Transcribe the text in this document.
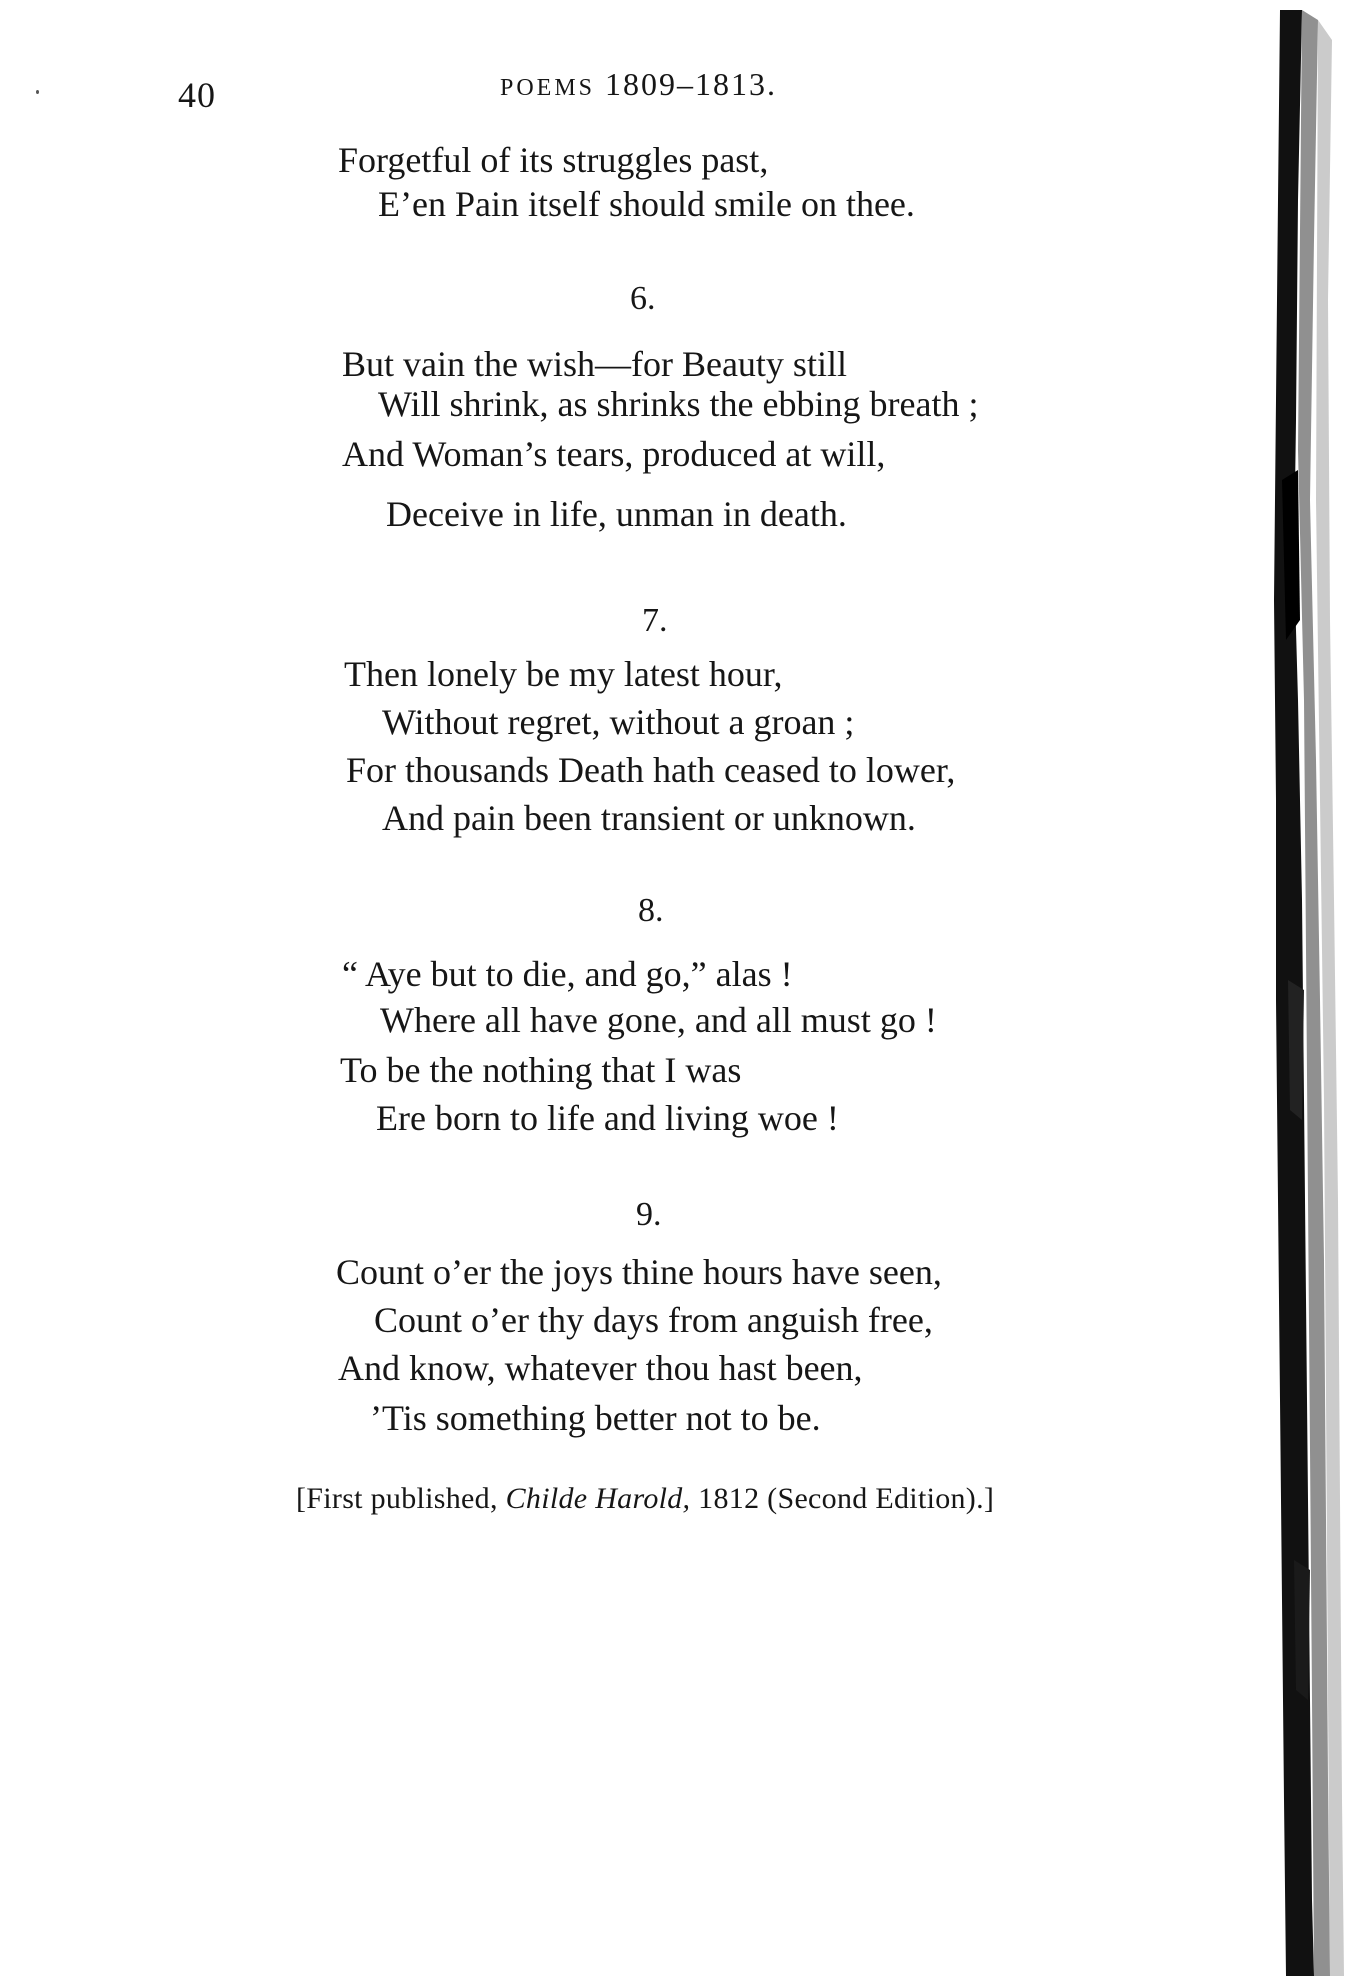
40	POEMS 1809–1813.
Forgetful of its struggles past,
E’en Pain itself should smile on thee.
6.
But vain the wish—for Beauty still
Will shrink, as shrinks the ebbing breath ;
And Woman’s tears, produced at will,
Deceive in life, unman in death.
7.
Then lonely be my latest hour,
Without regret, without a groan ;
For thousands Death hath ceased to lower,
And pain been transient or unknown.
8.
“ Aye but to die, and go,” alas !
Where all have gone, and all must go !
To be the nothing that I was
Ere born to life and living woe !
9.
Count o’er the joys thine hours have seen,
Count o’er thy days from anguish free,
And know, whatever thou hast been,
’Tis something better not to be.
[First published, Childe Harold, 1812 (Second Edition).]
